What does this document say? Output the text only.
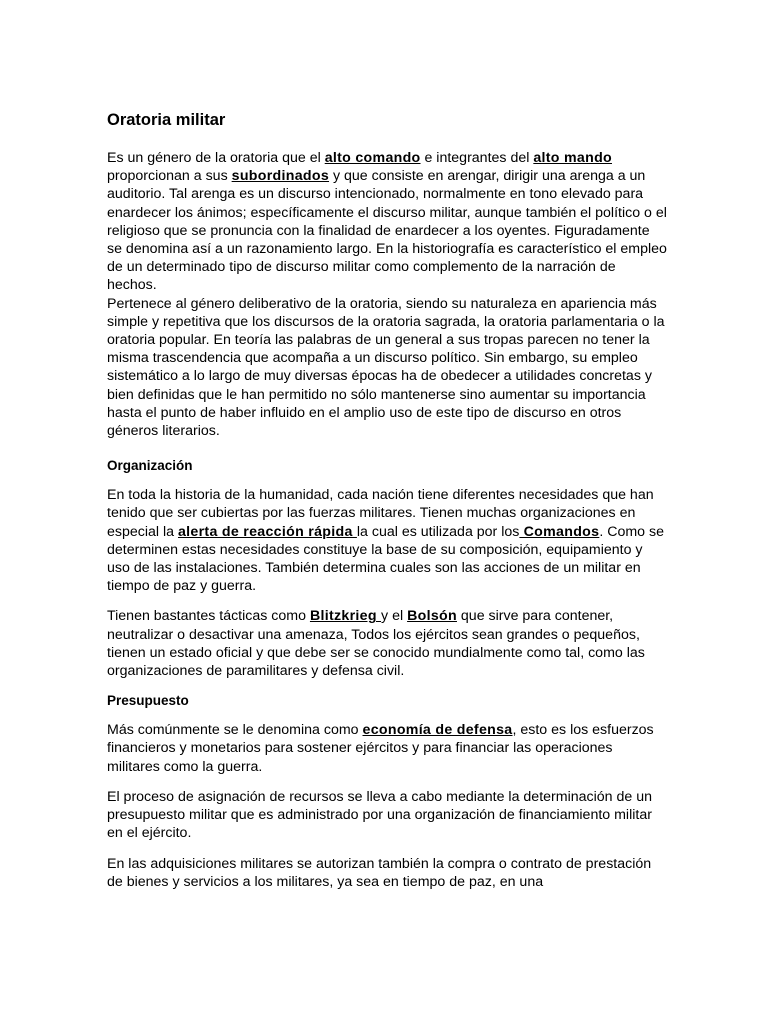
Oratoria militar

Es un género de la oratoria que el alto comando e integrantes del alto mando proporcionan a sus subordinados y que consiste en arengar, dirigir una arenga a un auditorio. Tal arenga es un discurso intencionado, normalmente en tono elevado para enardecer los ánimos; específicamente el discurso militar, aunque también el político o el religioso que se pronuncia con la finalidad de enardecer a los oyentes. Figuradamente se denomina así a un razonamiento largo. En la historiografía es característico el empleo de un determinado tipo de discurso militar como complemento de la narración de hechos.

Pertenece al género deliberativo de la oratoria, siendo su naturaleza en apariencia más simple y repetitiva que los discursos de la oratoria sagrada, la oratoria parlamentaria o la oratoria popular. En teoría las palabras de un general a sus tropas parecen no tener la misma trascendencia que acompaña a un discurso político. Sin embargo, su empleo sistemático a lo largo de muy diversas épocas ha de obedecer a utilidades concretas y bien definidas que le han permitido no sólo mantenerse sino aumentar su importancia hasta el punto de haber influido en el amplio uso de este tipo de discurso en otros géneros literarios.

Organización

En toda la historia de la humanidad, cada nación tiene diferentes necesidades que han tenido que ser cubiertas por las fuerzas militares. Tienen muchas organizaciones en especial la alerta de reacción rápida la cual es utilizada por los Comandos. Como se determinen estas necesidades constituye la base de su composición, equipamiento y uso de las instalaciones. También determina cuales son las acciones de un militar en tiempo de paz y guerra.

Tienen bastantes tácticas como Blitzkrieg y el Bolsón que sirve para contener, neutralizar o desactivar una amenaza, Todos los ejércitos sean grandes o pequeños, tienen un estado oficial y que debe ser se conocido mundialmente como tal, como las organizaciones de paramilitares y defensa civil.

Presupuesto

Más comúnmente se le denomina como economía de defensa, esto es los esfuerzos financieros y monetarios para sostener ejércitos y para financiar las operaciones militares como la guerra.

El proceso de asignación de recursos se lleva a cabo mediante la determinación de un presupuesto militar que es administrado por una organización de financiamiento militar en el ejército.

En las adquisiciones militares se autorizan también la compra o contrato de prestación de bienes y servicios a los militares, ya sea en tiempo de paz, en una
